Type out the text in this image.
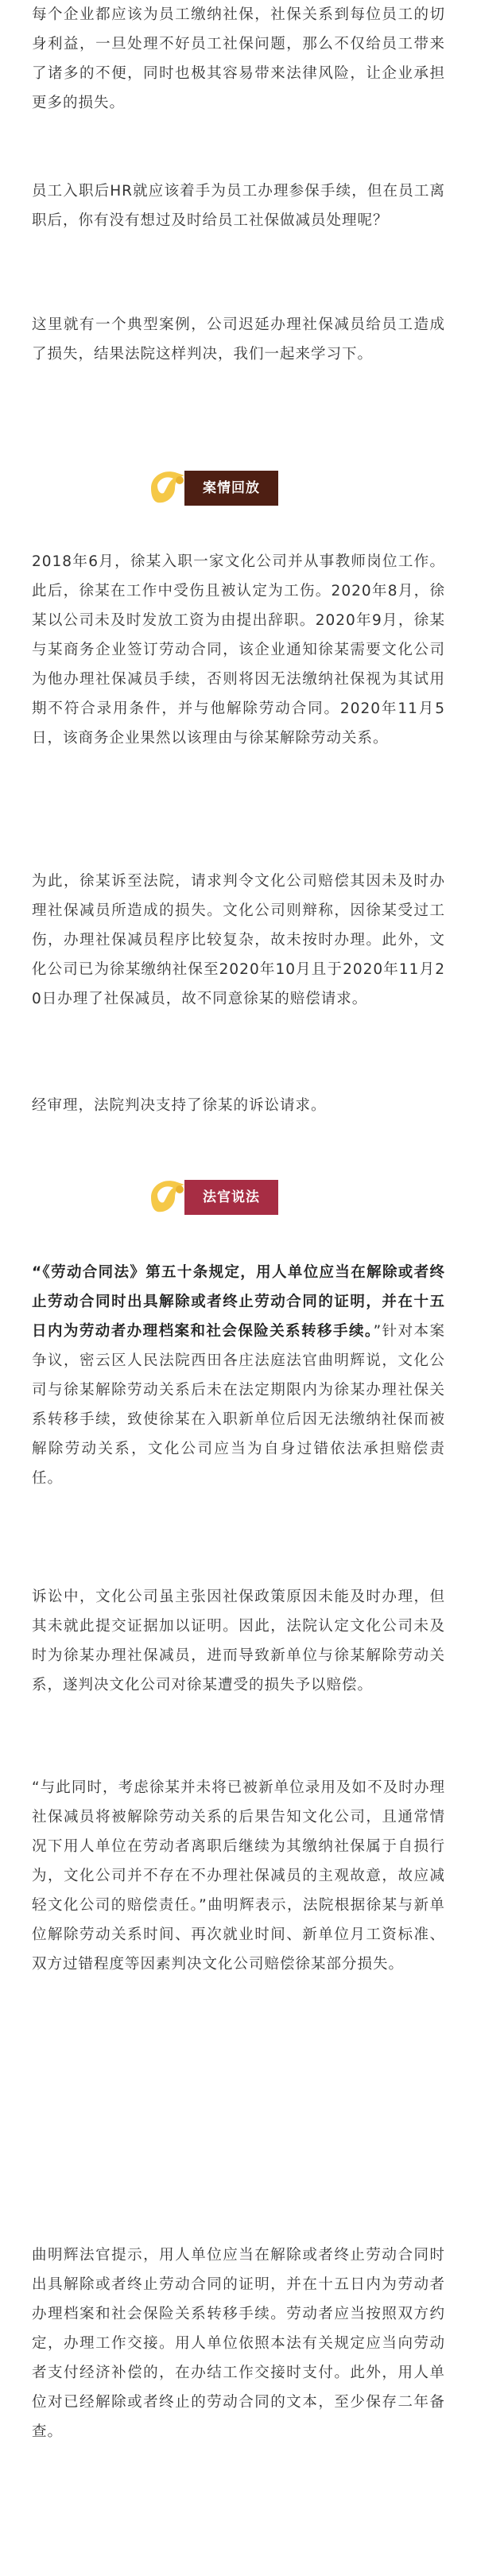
每个企业都应该为员工缴纳社保，社保关系到每位员工的切身利益，一旦处理不好员工社保问题，那么不仅给员工带来了诸多的不便，同时也极其容易带来法律风险，让企业承担更多的损失。

员工入职后HR就应该着手为员工办理参保手续，但在员工离职后，你有没有想过及时给员工社保做减员处理呢？

这里就有一个典型案例，公司迟延办理社保减员给员工造成了损失，结果法院这样判决，我们一起来学习下。

案情回放

2018年6月，徐某入职一家文化公司并从事教师岗位工作。此后，徐某在工作中受伤且被认定为工伤。2020年8月，徐某以公司未及时发放工资为由提出辞职。2020年9月，徐某与某商务企业签订劳动合同，该企业通知徐某需要文化公司为他办理社保减员手续，否则将因无法缴纳社保视为其试用期不符合录用条件，并与他解除劳动合同。2020年11月5日，该商务企业果然以该理由与徐某解除劳动关系。

为此，徐某诉至法院，请求判令文化公司赔偿其因未及时办理社保减员所造成的损失。文化公司则辩称，因徐某受过工伤，办理社保减员程序比较复杂，故未按时办理。此外，文化公司已为徐某缴纳社保至2020年10月且于2020年11月20日办理了社保减员，故不同意徐某的赔偿请求。

经审理，法院判决支持了徐某的诉讼请求。

法官说法

“《劳动合同法》第五十条规定，用人单位应当在解除或者终止劳动合同时出具解除或者终止劳动合同的证明，并在十五日内为劳动者办理档案和社会保险关系转移手续。”针对本案争议，密云区人民法院西田各庄法庭法官曲明辉说，文化公司与徐某解除劳动关系后未在法定期限内为徐某办理社保关系转移手续，致使徐某在入职新单位后因无法缴纳社保而被解除劳动关系，文化公司应当为自身过错依法承担赔偿责任。

诉讼中，文化公司虽主张因社保政策原因未能及时办理，但其未就此提交证据加以证明。因此，法院认定文化公司未及时为徐某办理社保减员，进而导致新单位与徐某解除劳动关系，遂判决文化公司对徐某遭受的损失予以赔偿。

“与此同时，考虑徐某并未将已被新单位录用及如不及时办理社保减员将被解除劳动关系的后果告知文化公司，且通常情况下用人单位在劳动者离职后继续为其缴纳社保属于自损行为，文化公司并不存在不办理社保减员的主观故意，故应减轻文化公司的赔偿责任。”曲明辉表示，法院根据徐某与新单位解除劳动关系时间、再次就业时间、新单位月工资标准、双方过错程度等因素判决文化公司赔偿徐某部分损失。

曲明辉法官提示，用人单位应当在解除或者终止劳动合同时出具解除或者终止劳动合同的证明，并在十五日内为劳动者办理档案和社会保险关系转移手续。劳动者应当按照双方约定，办理工作交接。用人单位依照本法有关规定应当向劳动者支付经济补偿的，在办结工作交接时支付。此外，用人单位对已经解除或者终止的劳动合同的文本，至少保存二年备查。
